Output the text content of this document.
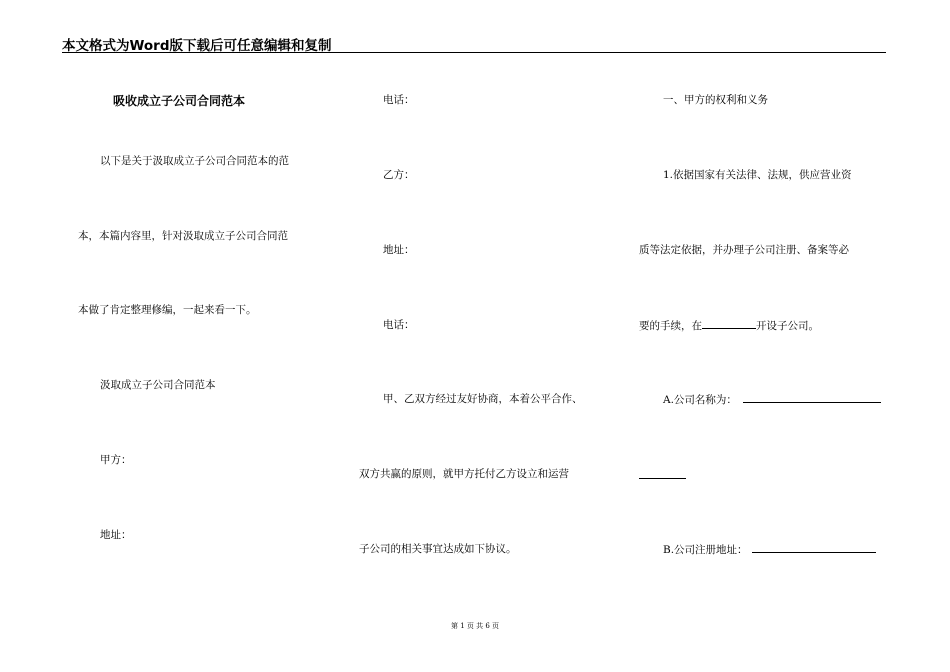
本文格式为Word版下载后可任意编辑和复制
吸收成立子公司合同范本
以下是关于汲取成立子公司合同范本的范
本，本篇内容里，针对汲取成立子公司合同范
本做了肯定整理修编，一起来看一下。
汲取成立子公司合同范本
甲方：
地址：
电话：
乙方：
地址：
电话：
甲、乙双方经过友好协商，本着公平合作、
双方共赢的原则，就甲方托付乙方设立和运营
子公司的相关事宜达成如下协议。
一、甲方的权利和义务
1.依据国家有关法律、法规，供应营业资
质等法定依据，并办理子公司注册、备案等必
要的手续，在	开设子公司。
A.公司名称为：
B.公司注册地址：
第 1 页 共 6 页
